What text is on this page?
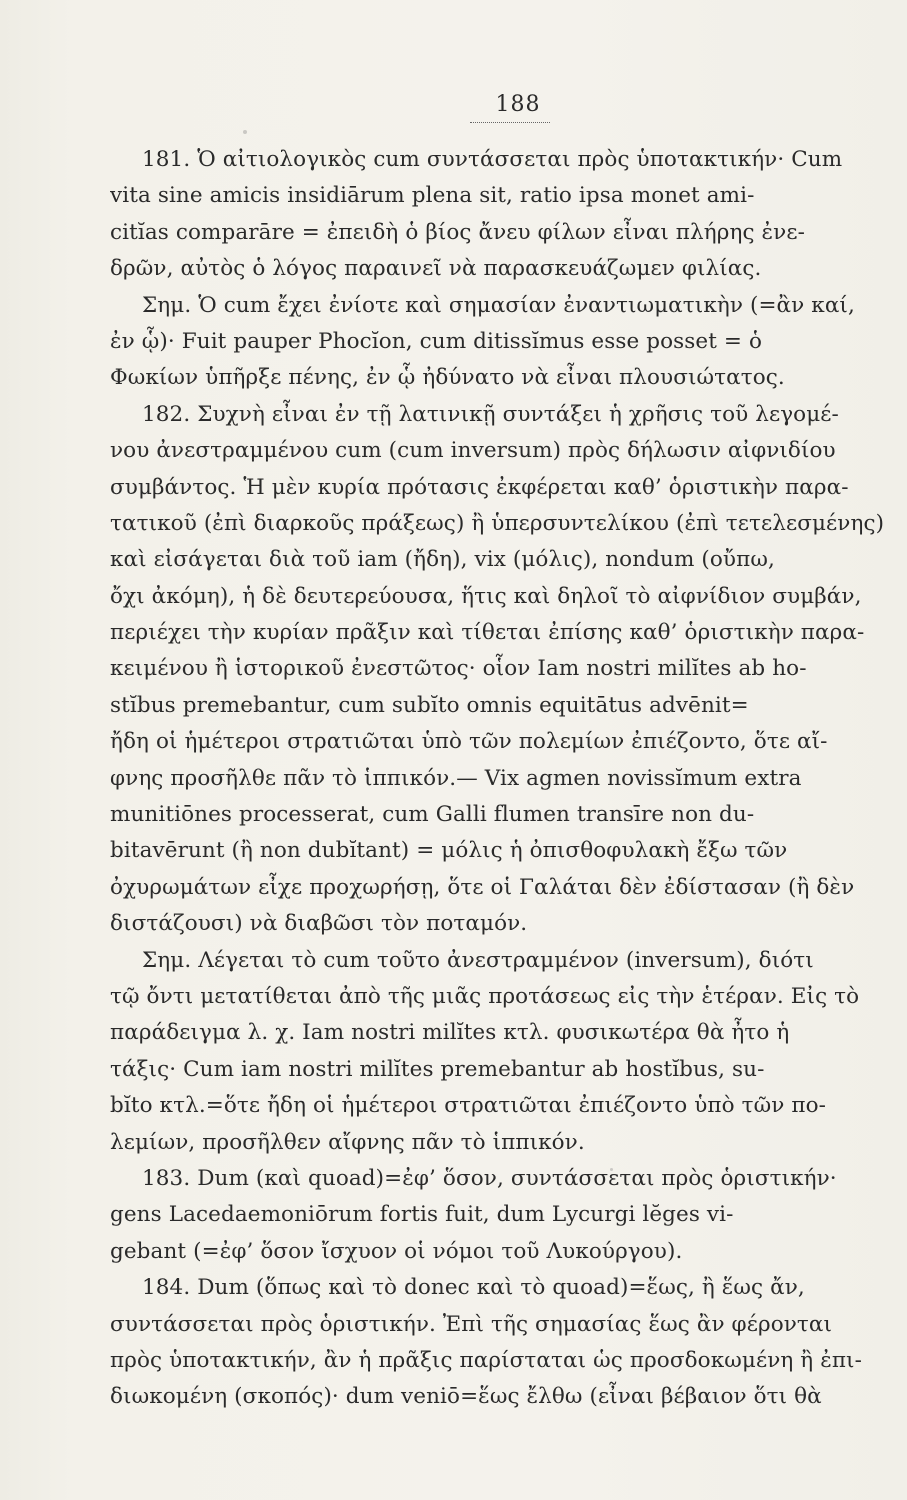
188
181. Ὁ αἰτιολογικὸς cum συντάσσεται πρὸς ὑποτακτικήν· Cum
vita sine amicis insidiārum plena sit, ratio ipsa monet ami-
citĭas comparāre = ἐπειδὴ ὁ βίος ἄνευ φίλων εἶναι πλήρης ἐνε-
δρῶν, αὐτὸς ὁ λόγος παραινεῖ νὰ παρασκευάζωμεν φιλίας.
Σημ. Ὁ cum ἔχει ἐνίοτε καὶ σημασίαν ἐναντιωματικὴν (=ἂν καί,
ἐν ᾧ)· Fuit pauper Phocĭon, cum ditissĭmus esse posset = ὁ
Φωκίων ὑπῆρξε πένης, ἐν ᾧ ἠδύνατο νὰ εἶναι πλουσιώτατος.
182. Συχνὴ εἶναι ἐν τῇ λατινικῇ συντάξει ἡ χρῆσις τοῦ λεγομέ-
νου ἀνεστραμμένου cum (cum inversum) πρὸς δήλωσιν αἰφνιδίου
συμβάντος. Ἡ μὲν κυρία πρότασις ἐκφέρεται καθ’ ὁριστικὴν παρα-
τατικοῦ (ἐπὶ διαρκοῦς πράξεως) ἢ ὑπερσυντελίκου (ἐπὶ τετελεσμένης)
καὶ εἰσάγεται διὰ τοῦ iam (ἤδη), vix (μόλις), nondum (οὔπω,
ὄχι ἀκόμη), ἡ δὲ δευτερεύουσα, ἥτις καὶ δηλοῖ τὸ αἰφνίδιον συμβάν,
περιέχει τὴν κυρίαν πρᾶξιν καὶ τίθεται ἐπίσης καθ’ ὁριστικὴν παρα-
κειμένου ἢ ἱστορικοῦ ἐνεστῶτος· οἷον Iam nostri milĭtes ab ho-
stĭbus premebantur, cum subĭto omnis equitātus advēnit=
ἤδη οἱ ἡμέτεροι στρατιῶται ὑπὸ τῶν πολεμίων ἐπιέζοντο, ὅτε αἴ-
φνης προσῆλθε πᾶν τὸ ἱππικόν.— Vix agmen novissĭmum extra
munitiōnes processerat, cum Galli flumen transīre non du-
bitavērunt (ἢ non dubĭtant) = μόλις ἡ ὀπισθοφυλακὴ ἔξω τῶν
ὀχυρωμάτων εἶχε προχωρήσῃ, ὅτε οἱ Γαλάται δὲν ἐδίστασαν (ἢ δὲν
διστάζουσι) νὰ διαβῶσι τὸν ποταμόν.
Σημ. Λέγεται τὸ cum τοῦτο ἀνεστραμμένον (inversum), διότι
τῷ ὄντι μετατίθεται ἀπὸ τῆς μιᾶς προτάσεως εἰς τὴν ἑτέραν. Εἰς τὸ
παράδειγμα λ. χ. Iam nostri milĭtes κτλ. φυσικωτέρα θὰ ἦτο ἡ
τάξις· Cum iam nostri milĭtes premebantur ab hostĭbus, su-
bĭto κτλ.=ὅτε ἤδη οἱ ἡμέτεροι στρατιῶται ἐπιέζοντο ὑπὸ τῶν πο-
λεμίων, προσῆλθεν αἴφνης πᾶν τὸ ἱππικόν.
183. Dum (καὶ quoad)=ἐφ’ ὅσον, συντάσσεται πρὸς ὁριστικήν·
gens Lacedaemoniōrum fortis fuit, dum Lycurgi lĕges vi-
gebant (=ἐφ’ ὅσον ἴσχυον οἱ νόμοι τοῦ Λυκούργου).
184. Dum (ὅπως καὶ τὸ donec καὶ τὸ quoad)=ἕως, ἢ ἕως ἄν,
συντάσσεται πρὸς ὁριστικήν. Ἐπὶ τῆς σημασίας ἕως ἂν φέρονται
πρὸς ὑποτακτικήν, ἂν ἡ πρᾶξις παρίσταται ὡς προσδοκωμένη ἢ ἐπι-
διωκομένη (σκοπός)· dum veniō=ἕως ἔλθω (εἶναι βέβαιον ὅτι θὰ
